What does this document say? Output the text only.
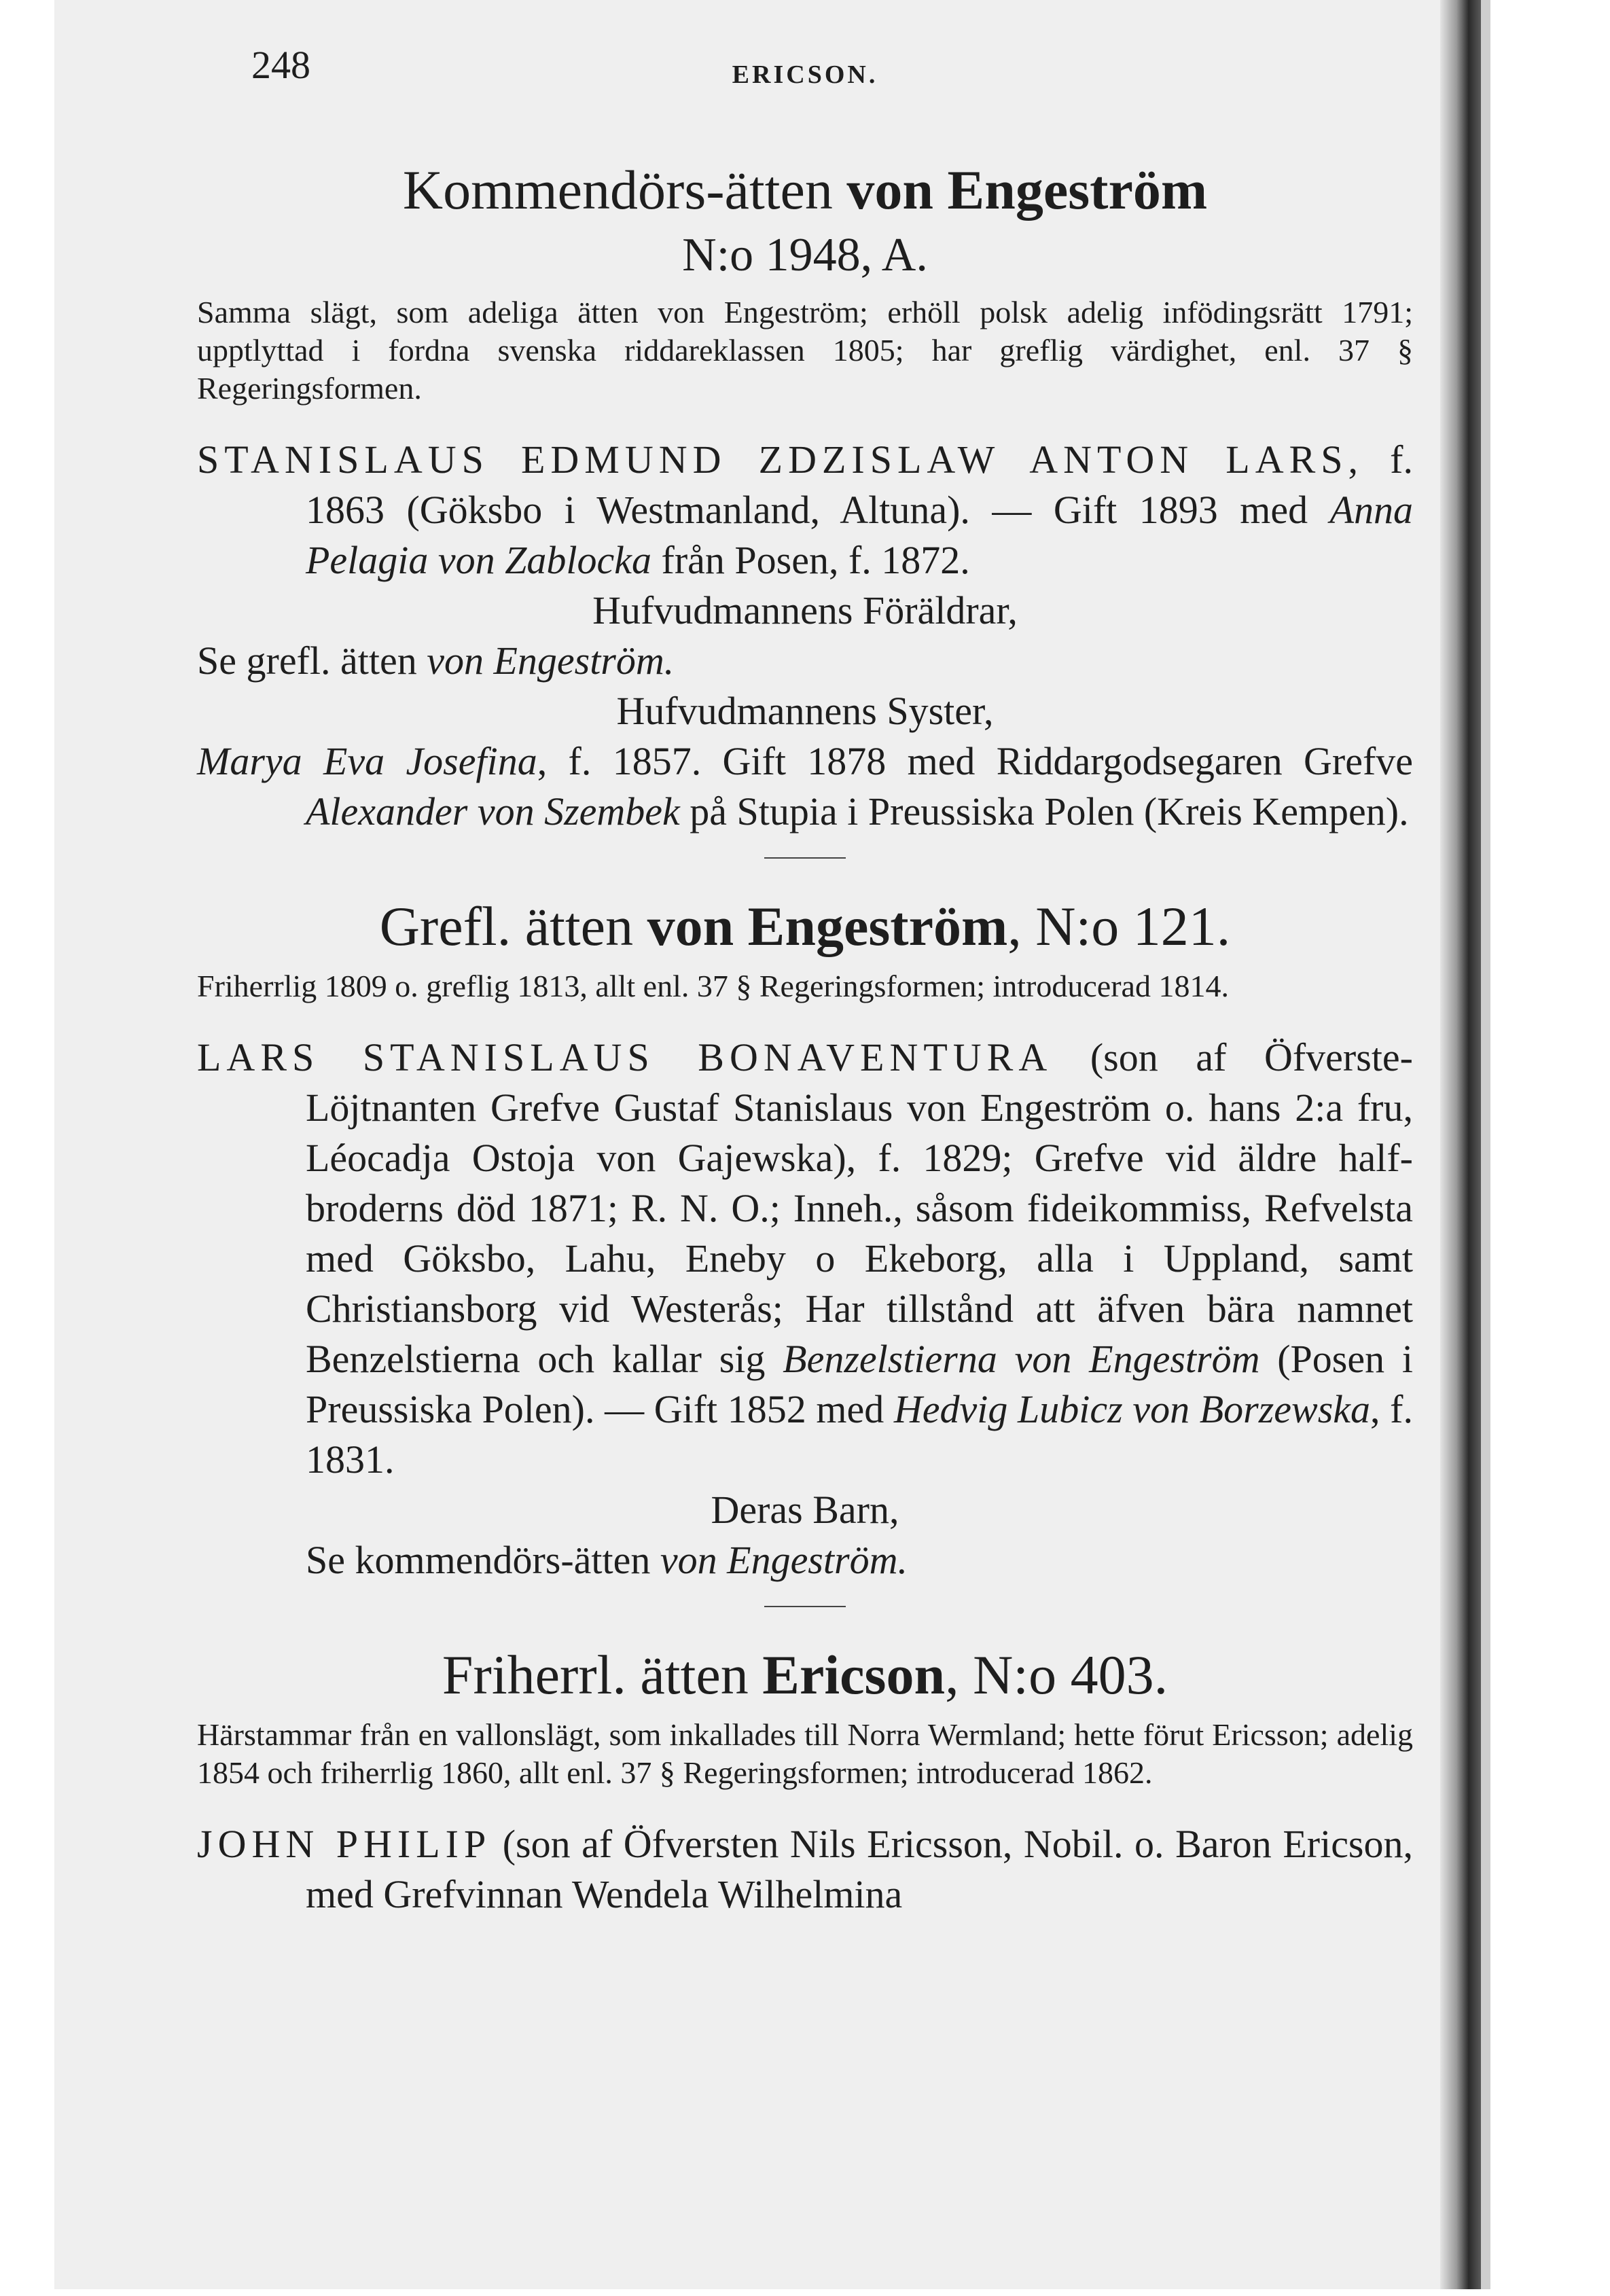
248	ERICSON.
Kommendörs-ätten von Engeström
N:o 1948, A.

Samma slägt, som adeliga ätten von Engeström; erhöll polsk adelig infödingsrätt 1791; upptlyttad i fordna svenska riddareklassen 1805; har greflig värdighet, enl. 37 § Regeringsformen.

STANISLAUS EDMUND ZDZISLAW ANTON LARS, f. 1863 (Göksbo i Westmanland, Altuna). — Gift 1893 med Anna Pelagia von Zablocka från Posen, f. 1872.

Hufvudmannens Föräldrar,

Se grefl. ätten von Engeström.

Hufvudmannens Syster,

Marya Eva Josefina, f. 1857. Gift 1878 med Riddargodsegaren Grefve Alexander von Szembek på Stupia i Preussiska Polen (Kreis Kempen).

Grefl. ätten von Engeström, N:o 121.

Friherrlig 1809 o. greflig 1813, allt enl. 37 § Regeringsformen; introducerad 1814.

LARS STANISLAUS BONAVENTURA (son af Öfverste-Löjtnanten Grefve Gustaf Stanislaus von Engeström o. hans 2:a fru, Léocadja Ostoja von Gajewska), f. 1829; Grefve vid äldre half-broderns död 1871; R. N. O.; Inneh., såsom fideikommiss, Refvelsta med Göksbo, Lahu, Eneby o Ekeborg, alla i Uppland, samt Christiansborg vid Westerås; Har tillstånd att äfven bära namnet Benzelstierna och kallar sig Benzelstierna von Engeström (Posen i Preussiska Polen). — Gift 1852 med Hedvig Lubicz von Borzewska, f. 1831.

Deras Barn,

Se kommendörs-ätten von Engeström.

Friherrl. ätten Ericson, N:o 403.

Härstammar från en vallonslägt, som inkallades till Norra Wermland; hette förut Ericsson; adelig 1854 och friherrlig 1860, allt enl. 37 § Regeringsformen; introducerad 1862.

JOHN PHILIP (son af Öfversten Nils Ericsson, Nobil. o. Baron Ericson, med Grefvinnan Wendela Wilhelmina
